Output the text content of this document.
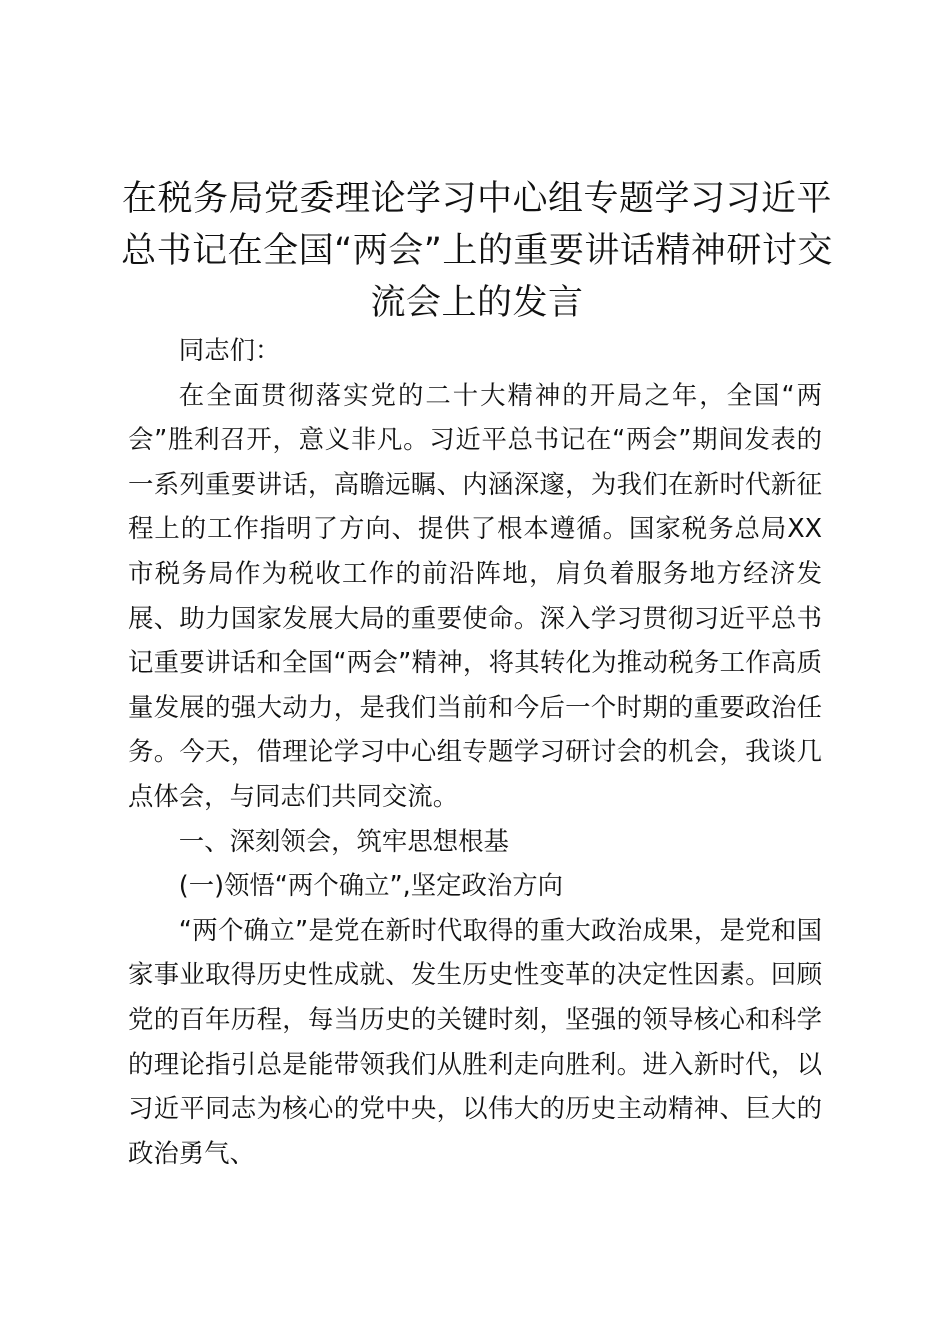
在税务局党委理论学习中心组专题学习习近平
总书记在全国“两会”上的重要讲话精神研讨交
流会上的发言

同志们：

在全面贯彻落实党的二十大精神的开局之年，全国“两会”胜利召开，意义非凡。习近平总书记在“两会”期间发表的一系列重要讲话，高瞻远瞩、内涵深邃，为我们在新时代新征程上的工作指明了方向、提供了根本遵循。国家税务总局XX市税务局作为税收工作的前沿阵地，肩负着服务地方经济发展、助力国家发展大局的重要使命。深入学习贯彻习近平总书记重要讲话和全国“两会”精神，将其转化为推动税务工作高质量发展的强大动力，是我们当前和今后一个时期的重要政治任务。今天，借理论学习中心组专题学习研讨会的机会，我谈几点体会，与同志们共同交流。

一、深刻领会，筑牢思想根基

(一)领悟“两个确立”,坚定政治方向

“两个确立”是党在新时代取得的重大政治成果，是党和国家事业取得历史性成就、发生历史性变革的决定性因素。回顾党的百年历程，每当历史的关键时刻，坚强的领导核心和科学的理论指引总是能带领我们从胜利走向胜利。进入新时代，以习近平同志为核心的党中央，以伟大的历史主动精神、巨大的政治勇气、
